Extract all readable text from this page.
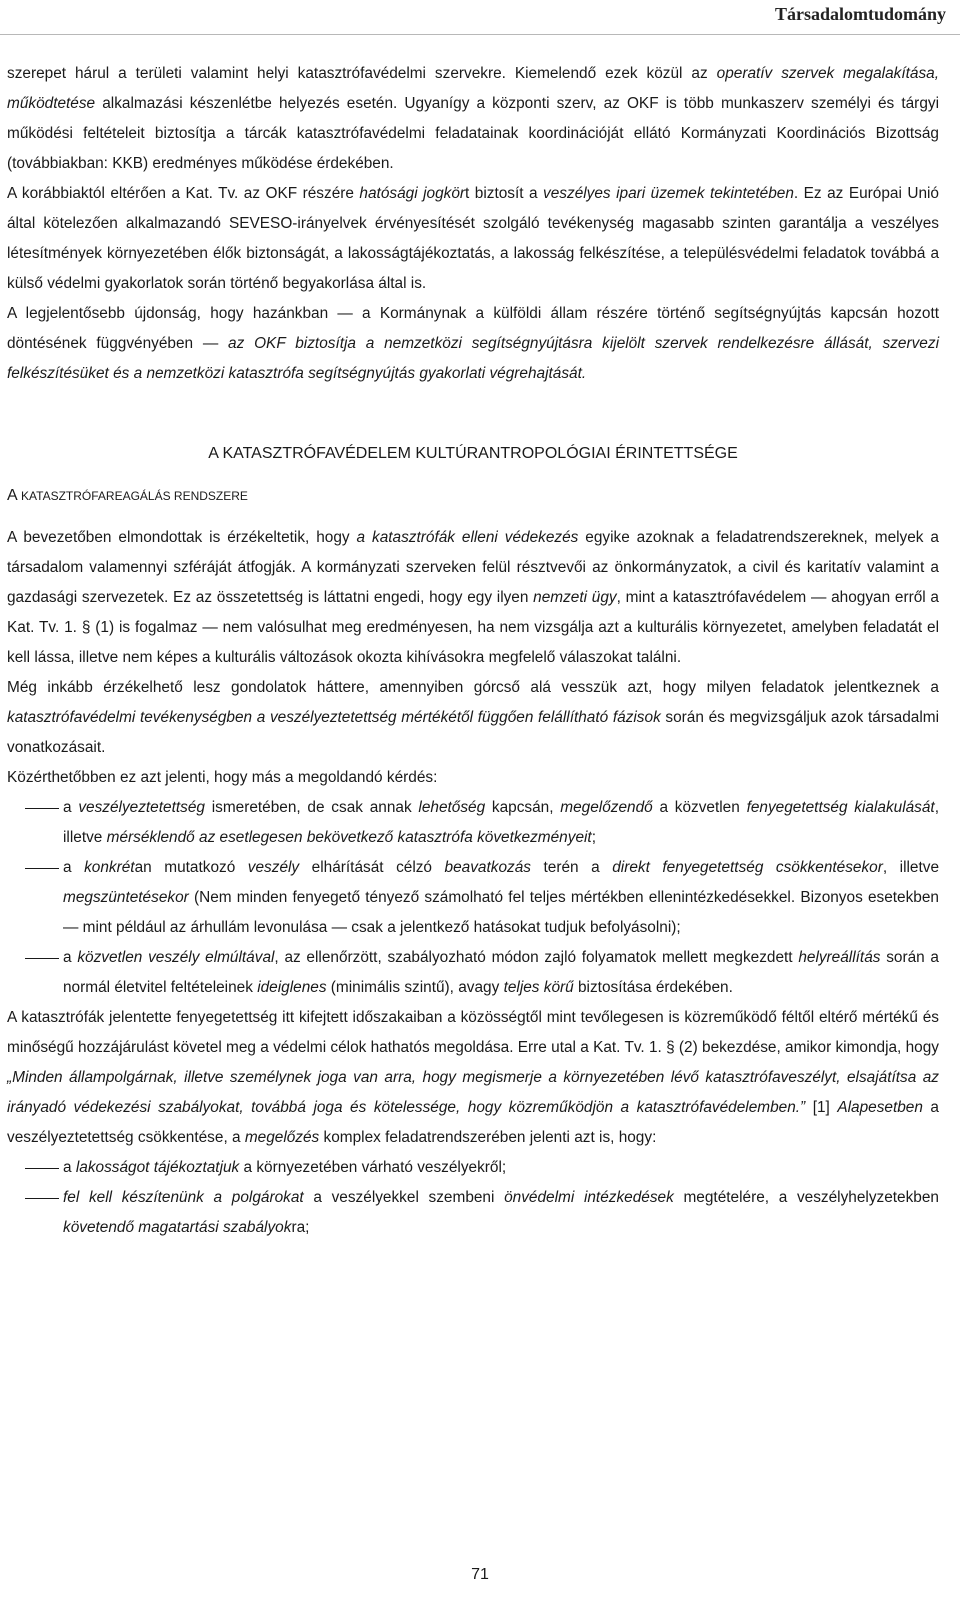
Társadalomtudomány

szerepet hárul a területi valamint helyi katasztrófavédelmi szervekre. Kiemelendő ezek közül az operatív szervek megalakítása, működtetése alkalmazási készenlétbe helyezés esetén. Ugyanígy a központi szerv, az OKF is több munkaszerv személyi és tárgyi működési feltételeit biztosítja a tárcák katasztrófavédelmi feladatainak koordinációját ellátó Kormányzati Koordinációs Bizottság (továbbiakban: KKB) eredményes működése érdekében.

A korábbiaktól eltérően a Kat. Tv. az OKF részére hatósági jogkört biztosít a veszélyes ipari üzemek tekintetében. Ez az Európai Unió által kötelezően alkalmazandó SEVESO-irányelvek érvényesítését szolgáló tevékenység magasabb szinten garantálja a veszélyes létesítmények környezetében élők biztonságát, a lakosságtájékoztatás, a lakosság felkészítése, a településvédelmi feladatok továbbá a külső védelmi gyakorlatok során történő begyakorlása által is.

A legjelentősebb újdonság, hogy hazánkban — a Kormánynak a külföldi állam részére történő segítségnyújtás kapcsán hozott döntésének függvényében — az OKF biztosítja a nemzetközi segítségnyújtásra kijelölt szervek rendelkezésre állását, szervezi felkészítésüket és a nemzetközi katasztrófa segítségnyújtás gyakorlati végrehajtását.

A KATASZTRÓFAVÉDELEM KULTÚRANTROPOLÓGIAI ÉRINTETTSÉGE
A KATASZTRÓFAREAGÁLÁS RENDSZERE

A bevezetőben elmondottak is érzékeltetik, hogy a katasztrófák elleni védekezés egyike azoknak a feladatrendszereknek, melyek a társadalom valamennyi szféráját átfogják. A kormányzati szerveken felül résztvevői az önkormányzatok, a civil és karitatív valamint a gazdasági szervezetek. Ez az összetettség is láttatni engedi, hogy egy ilyen nemzeti ügy, mint a katasztrófavédelem — ahogyan erről a Kat. Tv. 1. § (1) is fogalmaz — nem valósulhat meg eredményesen, ha nem vizsgálja azt a kulturális környezetet, amelyben feladatát el kell lássa, illetve nem képes a kulturális változások okozta kihívásokra megfelelő válaszokat találni.

Még inkább érzékelhető lesz gondolatok háttere, amennyiben górcső alá vesszük azt, hogy milyen feladatok jelentkeznek a katasztrófavédelmi tevékenységben a veszélyeztetettség mértékétől függően felállítható fázisok során és megvizsgáljuk azok társadalmi vonatkozásait.

Közérthetőbben ez azt jelenti, hogy más a megoldandó kérdés:

a veszélyeztetettség ismeretében, de csak annak lehetőség kapcsán, megelőzendő a közvetlen fenyegetettség kialakulását, illetve mérséklendő az esetlegesen bekövetkező katasztrófa következményeit;
a konkrétan mutatkozó veszély elhárítását célzó beavatkozás terén a direkt fenyegetettség csökkentésekor, illetve megszüntetésekor (Nem minden fenyegető tényező számolható fel teljes mértékben ellenintézkedésekkel. Bizonyos esetekben — mint például az árhullám levonulása — csak a jelentkező hatásokat tudjuk befolyásolni);
a közvetlen veszély elmúltával, az ellenőrzött, szabályozható módon zajló folyamatok mellett megkezdett helyreállítás során a normál életvitel feltételeinek ideiglenes (minimális szintű), avagy teljes körű biztosítása érdekében.

A katasztrófák jelentette fenyegetettség itt kifejtett időszakaiban a közösségtől mint tevőlegesen is közreműködő féltől eltérő mértékű és minőségű hozzájárulást követel meg a védelmi célok hathatós megoldása. Erre utal a Kat. Tv. 1. § (2) bekezdése, amikor kimondja, hogy „Minden állampolgárnak, illetve személynek joga van arra, hogy megismerje a környezetében lévő katasztrófaveszélyt, elsajátítsa az irányadó védekezési szabályokat, továbbá joga és kötelessége, hogy közreműködjön a katasztrófavédelemben.” [1] Alapesetben a veszélyeztetettség csökkentése, a megelőzés komplex feladatrendszerében jelenti azt is, hogy:

a lakosságot tájékoztatjuk a környezetében várható veszélyekről;
fel kell készítenünk a polgárokat a veszélyekkel szembeni önvédelmi intézkedések megtételére, a veszélyhelyzetekben követendő magatartási szabályokra;
71
